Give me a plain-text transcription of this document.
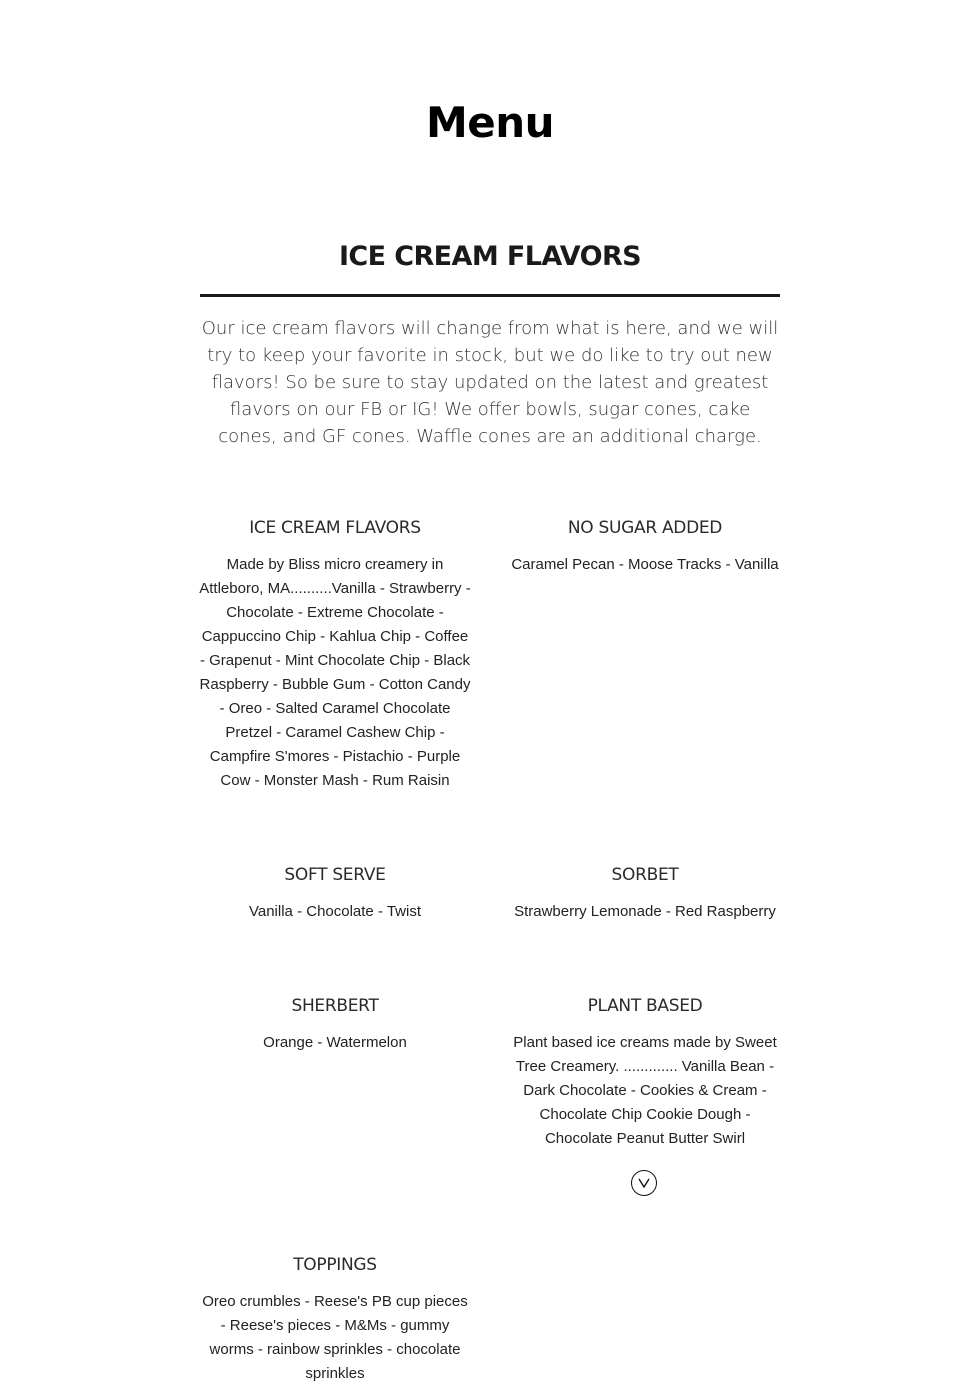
Menu
ICE CREAM FLAVORS

Our ice cream flavors will change from what is here, and we will try to keep your favorite in stock, but we do like to try out new flavors! So be sure to stay updated on the latest and greatest flavors on our FB or IG! We offer bowls, sugar cones, cake cones, and GF cones. Waffle cones are an additional charge.

ICE CREAM FLAVORS

Made by Bliss micro creamery in Attleboro, MA..........Vanilla - Strawberry - Chocolate - Extreme Chocolate - Cappuccino Chip - Kahlua Chip - Coffee - Grapenut - Mint Chocolate Chip - Black Raspberry - Bubble Gum - Cotton Candy - Oreo - Salted Caramel Chocolate Pretzel - Caramel Cashew Chip - Campfire S'mores - Pistachio - Purple Cow - Monster Mash - Rum Raisin

NO SUGAR ADDED

Caramel Pecan - Moose Tracks - Vanilla

SOFT SERVE

Vanilla - Chocolate - Twist

SORBET

Strawberry Lemonade - Red Raspberry

SHERBERT

Orange - Watermelon

PLANT BASED

Plant based ice creams made by Sweet Tree Creamery. ............. Vanilla Bean - Dark Chocolate - Cookies & Cream - Chocolate Chip Cookie Dough - Chocolate Peanut Butter Swirl

TOPPINGS

Oreo crumbles - Reese's PB cup pieces - Reese's pieces - M&Ms - gummy worms - rainbow sprinkles - chocolate sprinkles
